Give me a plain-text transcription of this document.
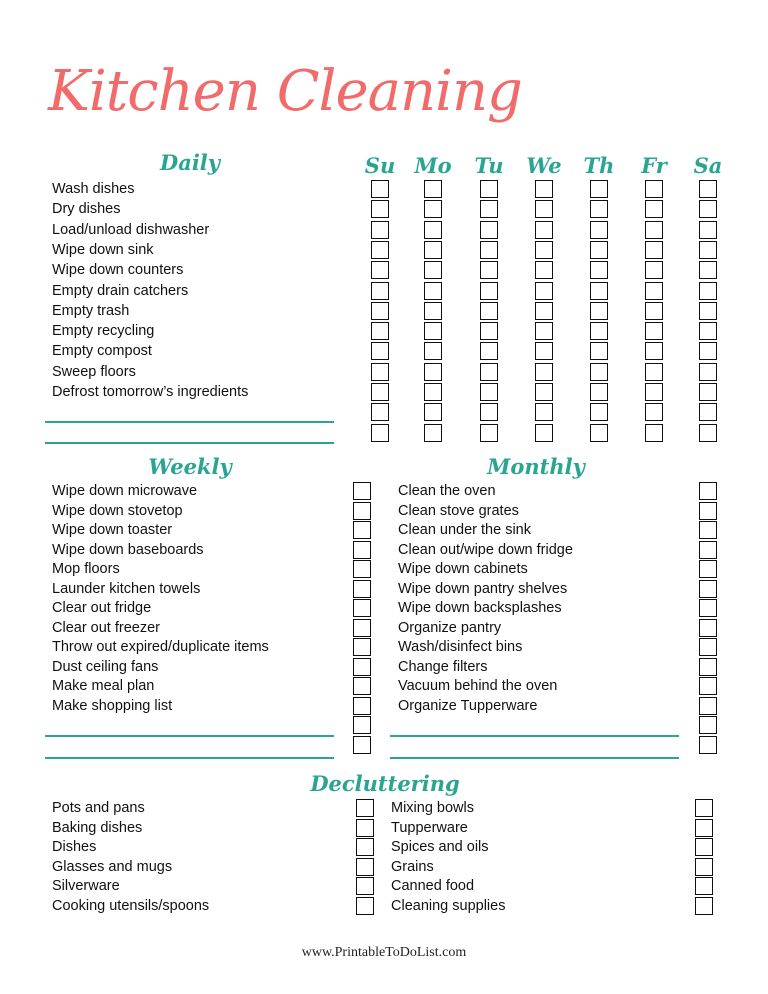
Kitchen Cleaning
Daily	Su Mo Tu We Th	Fr	Sa
Wash dishes
Dry dishes
Load/unload dishwasher
Wipe down sink
Wipe down counters
Empty drain catchers
Empty trash
Empty recycling
Empty compost
Sweep floors
Defrost tomorrow’s ingredients
Weekly
Wipe down microwave
Wipe down stovetop
Wipe down toaster
Wipe down baseboards
Mop floors
Launder kitchen towels
Clear out fridge
Clear out freezer
Throw out expired/duplicate items
Dust ceiling fans
Make meal plan
Make shopping list
Monthly
Clean the oven
Clean stove grates
Clean under the sink
Clean out/wipe down fridge
Wipe down cabinets
Wipe down pantry shelves
Wipe down backsplashes
Organize pantry
Wash/disinfect bins
Change filters
Vacuum behind the oven
Organize Tupperware
Decluttering
Pots and pans
Baking dishes
Dishes
Glasses and mugs
Silverware
Cooking utensils/spoons
Mixing bowls
Tupperware
Spices and oils
Grains
Canned food
Cleaning supplies
www.PrintableToDoList.com
